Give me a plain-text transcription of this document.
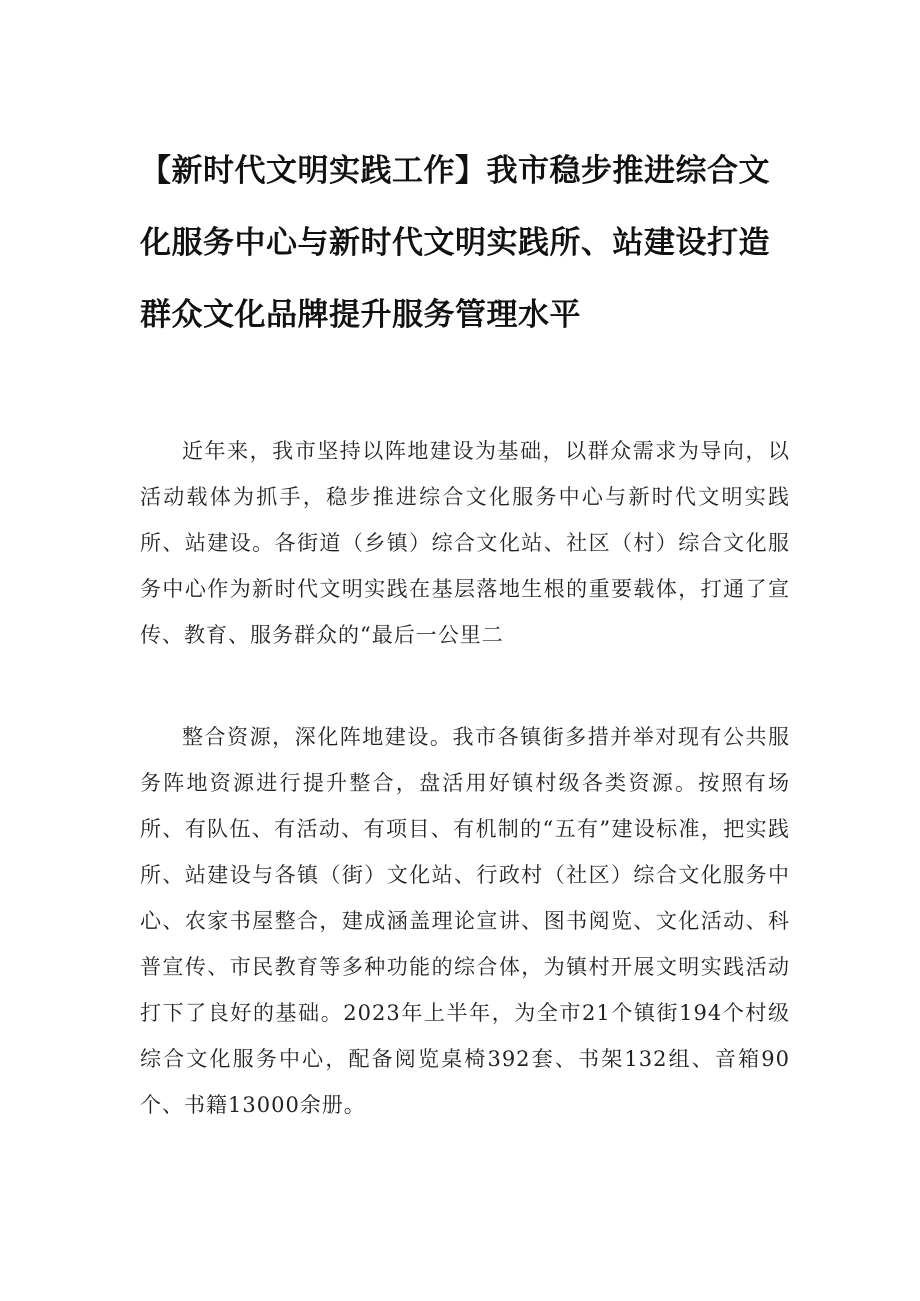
【新时代文明实践工作】我市稳步推进综合文化服务中心与新时代文明实践所、站建设打造群众文化品牌提升服务管理水平

近年来，我市坚持以阵地建设为基础，以群众需求为导向，以活动载体为抓手，稳步推进综合文化服务中心与新时代文明实践所、站建设。各街道（乡镇）综合文化站、社区（村）综合文化服务中心作为新时代文明实践在基层落地生根的重要载体，打通了宣传、教育、服务群众的“最后一公里二

整合资源，深化阵地建设。我市各镇街多措并举对现有公共服务阵地资源进行提升整合，盘活用好镇村级各类资源。按照有场所、有队伍、有活动、有项目、有机制的“五有”建设标准，把实践所、站建设与各镇（街）文化站、行政村（社区）综合文化服务中心、农家书屋整合，建成涵盖理论宣讲、图书阅览、文化活动、科普宣传、市民教育等多种功能的综合体，为镇村开展文明实践活动打下了良好的基础。2023年上半年，为全市21个镇街194个村级综合文化服务中心，配备阅览桌椅392套、书架132组、音箱90个、书籍13000余册。
